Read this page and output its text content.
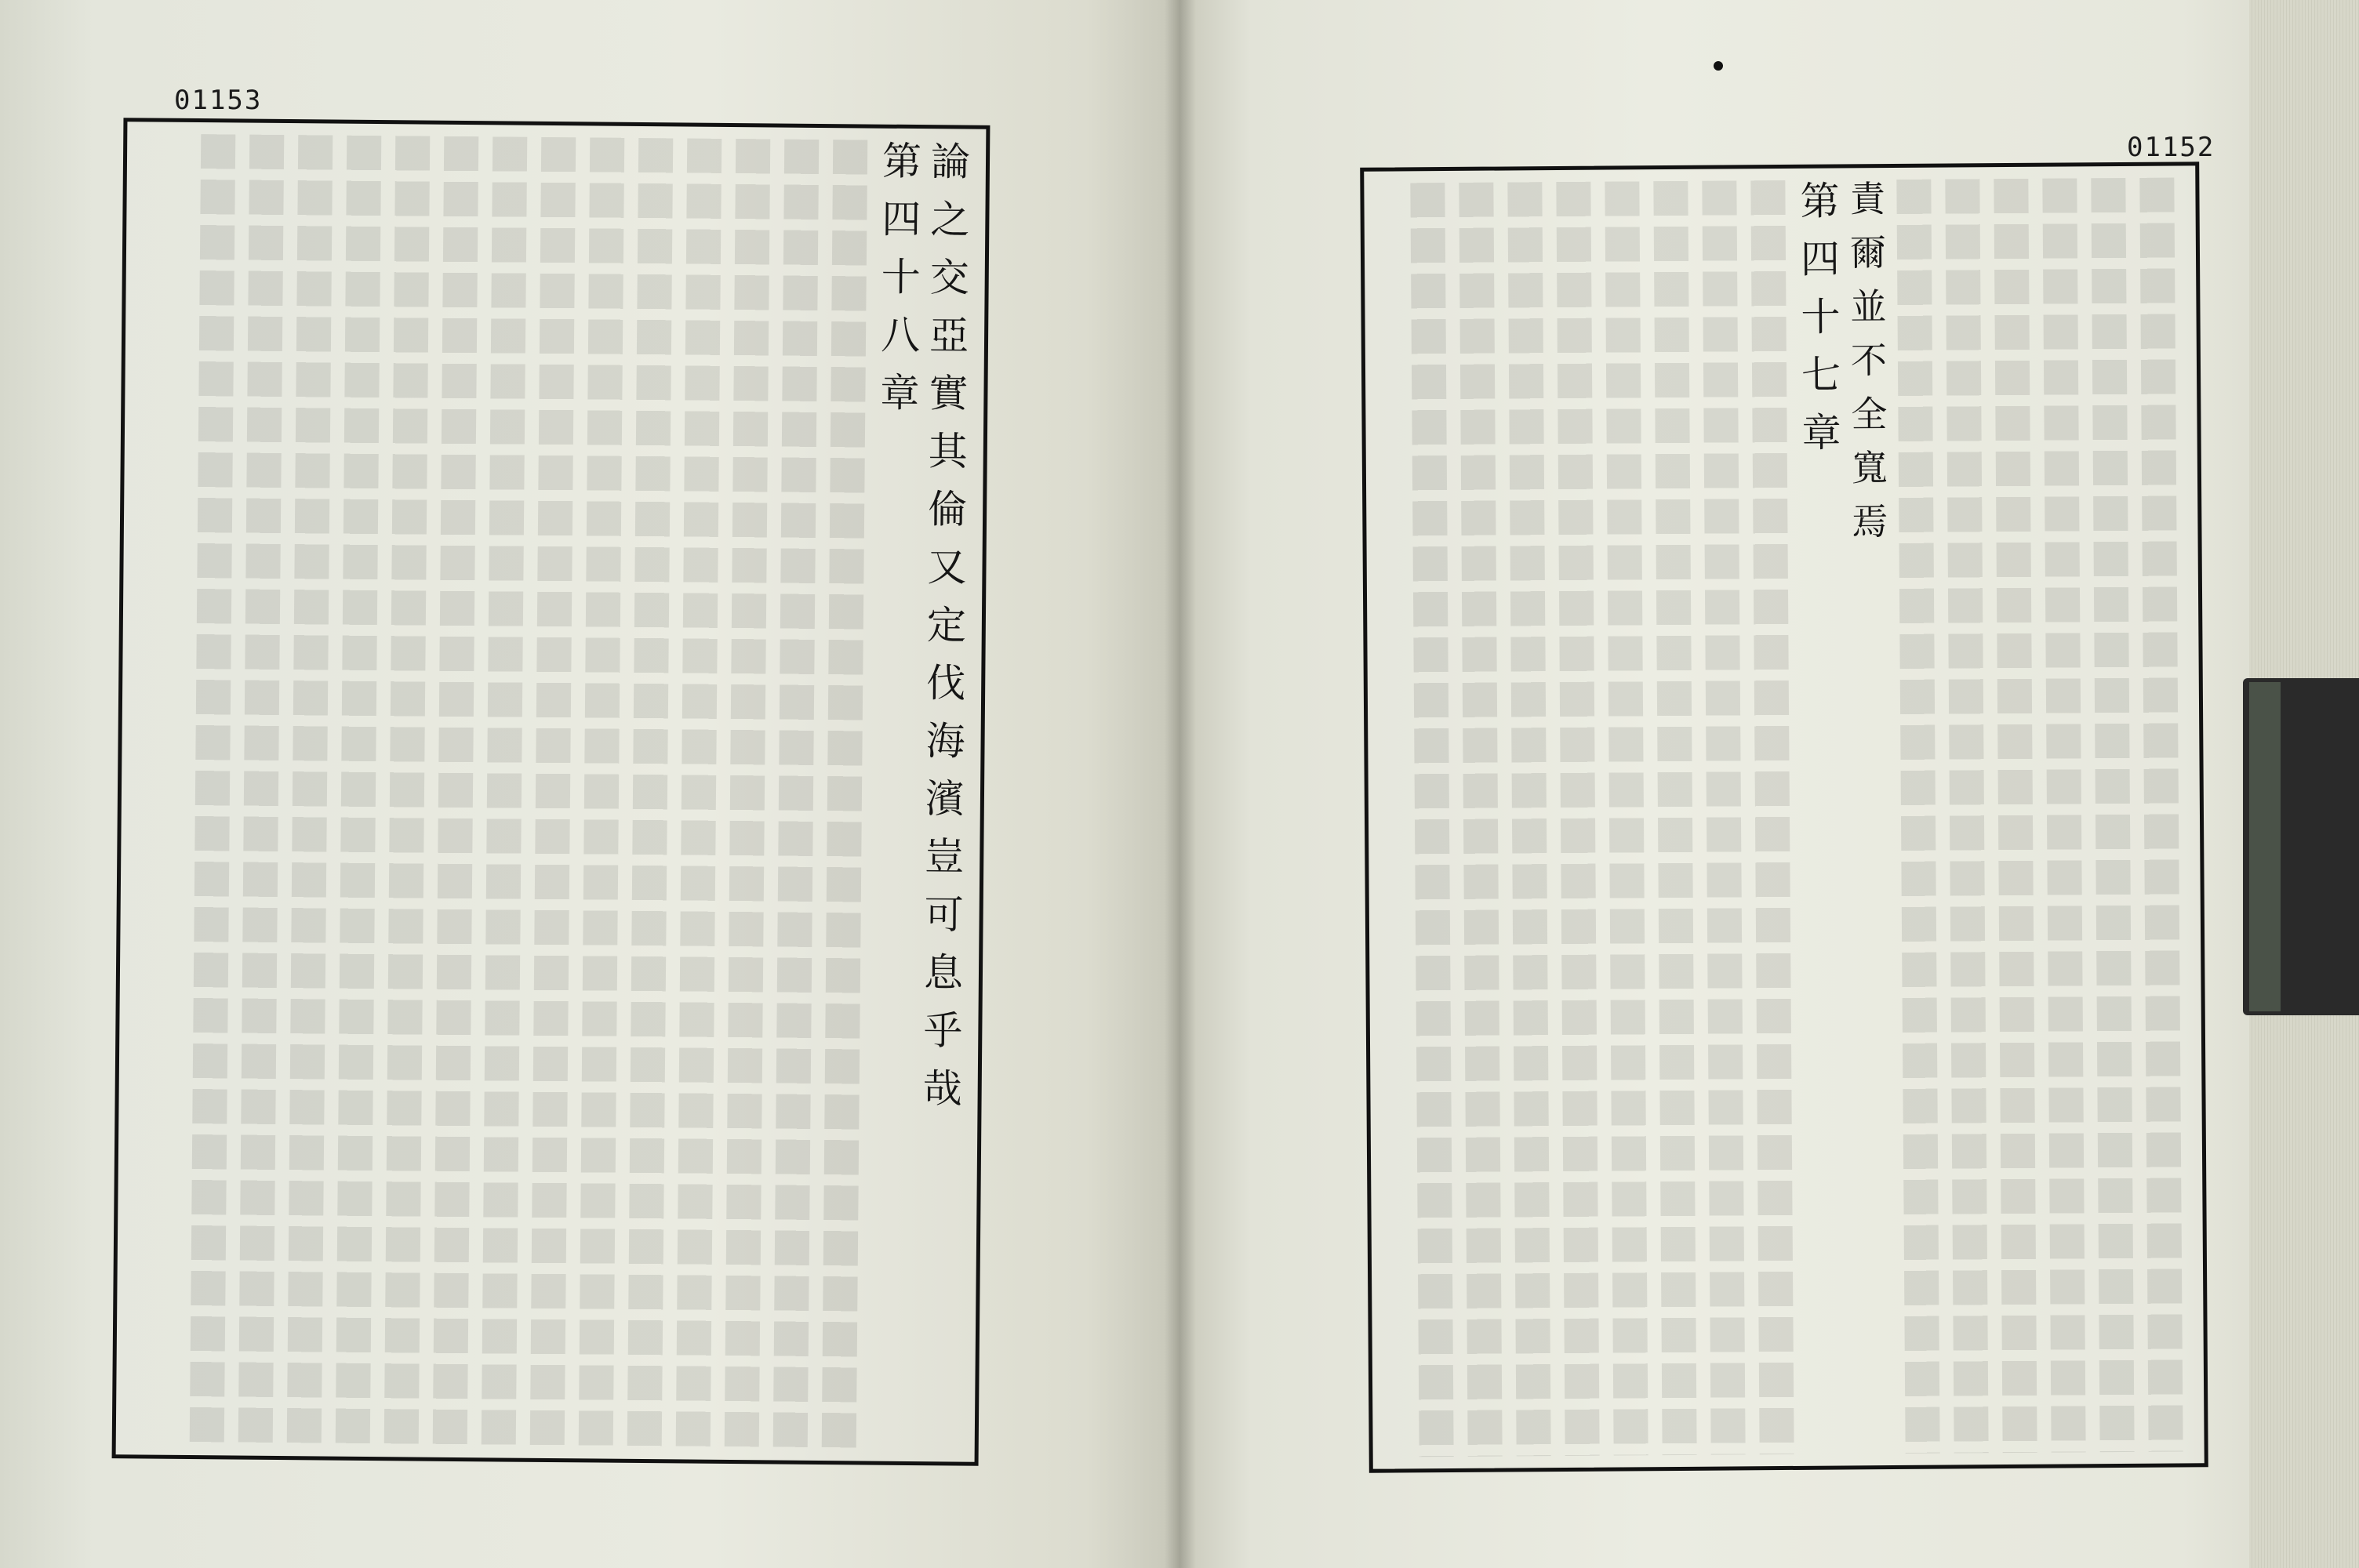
01153
01152
論 之 交 亞 實 其 倫 又 定 伐 海 濱 豈 可 息 乎 哉
第 四 十 八 章	責 爾 並 不 全 寬 焉
第 四 十 七 章
